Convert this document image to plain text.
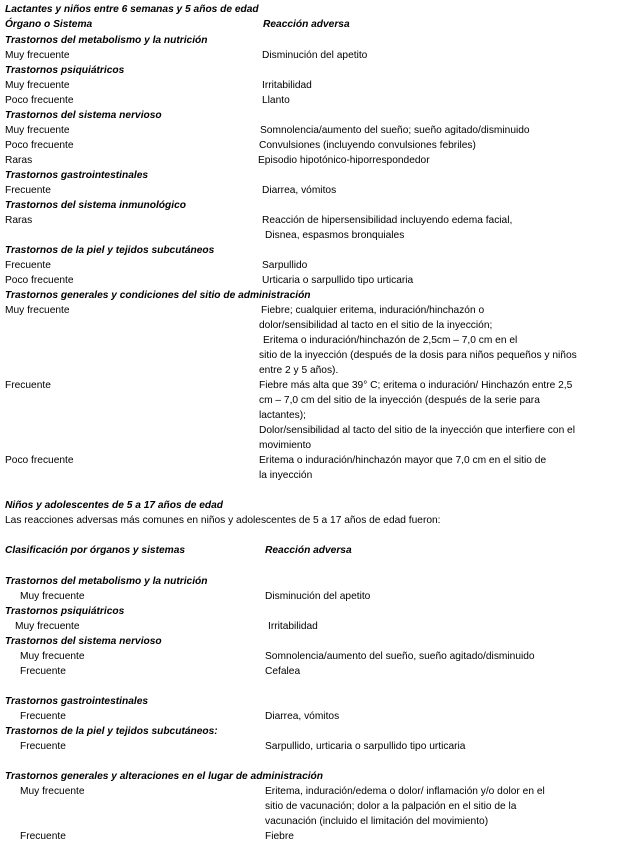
Lactantes y niños entre 6 semanas y 5 años de edad
Órgano o Sistema	Reacción adversa
Trastornos del metabolismo y la nutrición
Muy frecuente	Disminución del apetito
Trastornos psiquiátricos
Muy frecuente	Irritabilidad
Poco frecuente	Llanto
Trastornos del sistema nervioso
Muy frecuente	Somnolencia/aumento del sueño; sueño agitado/disminuido
Poco frecuente	Convulsiones (incluyendo convulsiones febriles)
Raras	Episodio hipotónico-hiporrespondedor
Trastornos gastrointestinales
Frecuente	Diarrea, vómitos
Trastornos del sistema inmunológico
Raras	Reacción de hipersensibilidad incluyendo edema facial,
Disnea, espasmos bronquiales
Trastornos de la piel y tejidos subcutáneos
Frecuente	Sarpullido
Poco frecuente	Urticaria o sarpullido tipo urticaria
Trastornos generales y condiciones del sitio de administración
Muy frecuente	Fiebre; cualquier eritema, induración/hinchazón o
dolor/sensibilidad al tacto en el sitio de la inyección;
Eritema o induración/hinchazón de 2,5cm – 7,0 cm en el
sitio de la inyección (después de la dosis para niños pequeños y niños
entre 2 y 5 años).
Frecuente	Fiebre más alta que 39° C; eritema o induración/ Hinchazón entre 2,5
cm – 7,0 cm del sitio de la inyección (después de la serie para
lactantes);
Dolor/sensibilidad al tacto del sitio de la inyección que interfiere con el
movimiento
Poco frecuente	Eritema o induración/hinchazón mayor que 7,0 cm en el sitio de
la inyección
Niños y adolescentes de 5 a 17 años de edad
Las reacciones adversas más comunes en niños y adolescentes de 5 a 17 años de edad fueron:
Clasificación por órganos y sistemas	Reacción adversa
Trastornos del metabolismo y la nutrición
Muy frecuente	Disminución del apetito
Trastornos psiquiátricos
Muy frecuente	Irritabilidad
Trastornos del sistema nervioso
Muy frecuente	Somnolencia/aumento del sueño, sueño agitado/disminuido
Frecuente	Cefalea
Trastornos gastrointestinales
Frecuente	Diarrea, vómitos
Trastornos de la piel y tejidos subcutáneos:
Frecuente	Sarpullido, urticaria o sarpullido tipo urticaria
Trastornos generales y alteraciones en el lugar de administración
Muy frecuente	Eritema, induración/edema o dolor/ inflamación y/o dolor en el
sitio de vacunación; dolor a la palpación en el sitio de la
vacunación (incluido el limitación del movimiento)
Frecuente	Fiebre
